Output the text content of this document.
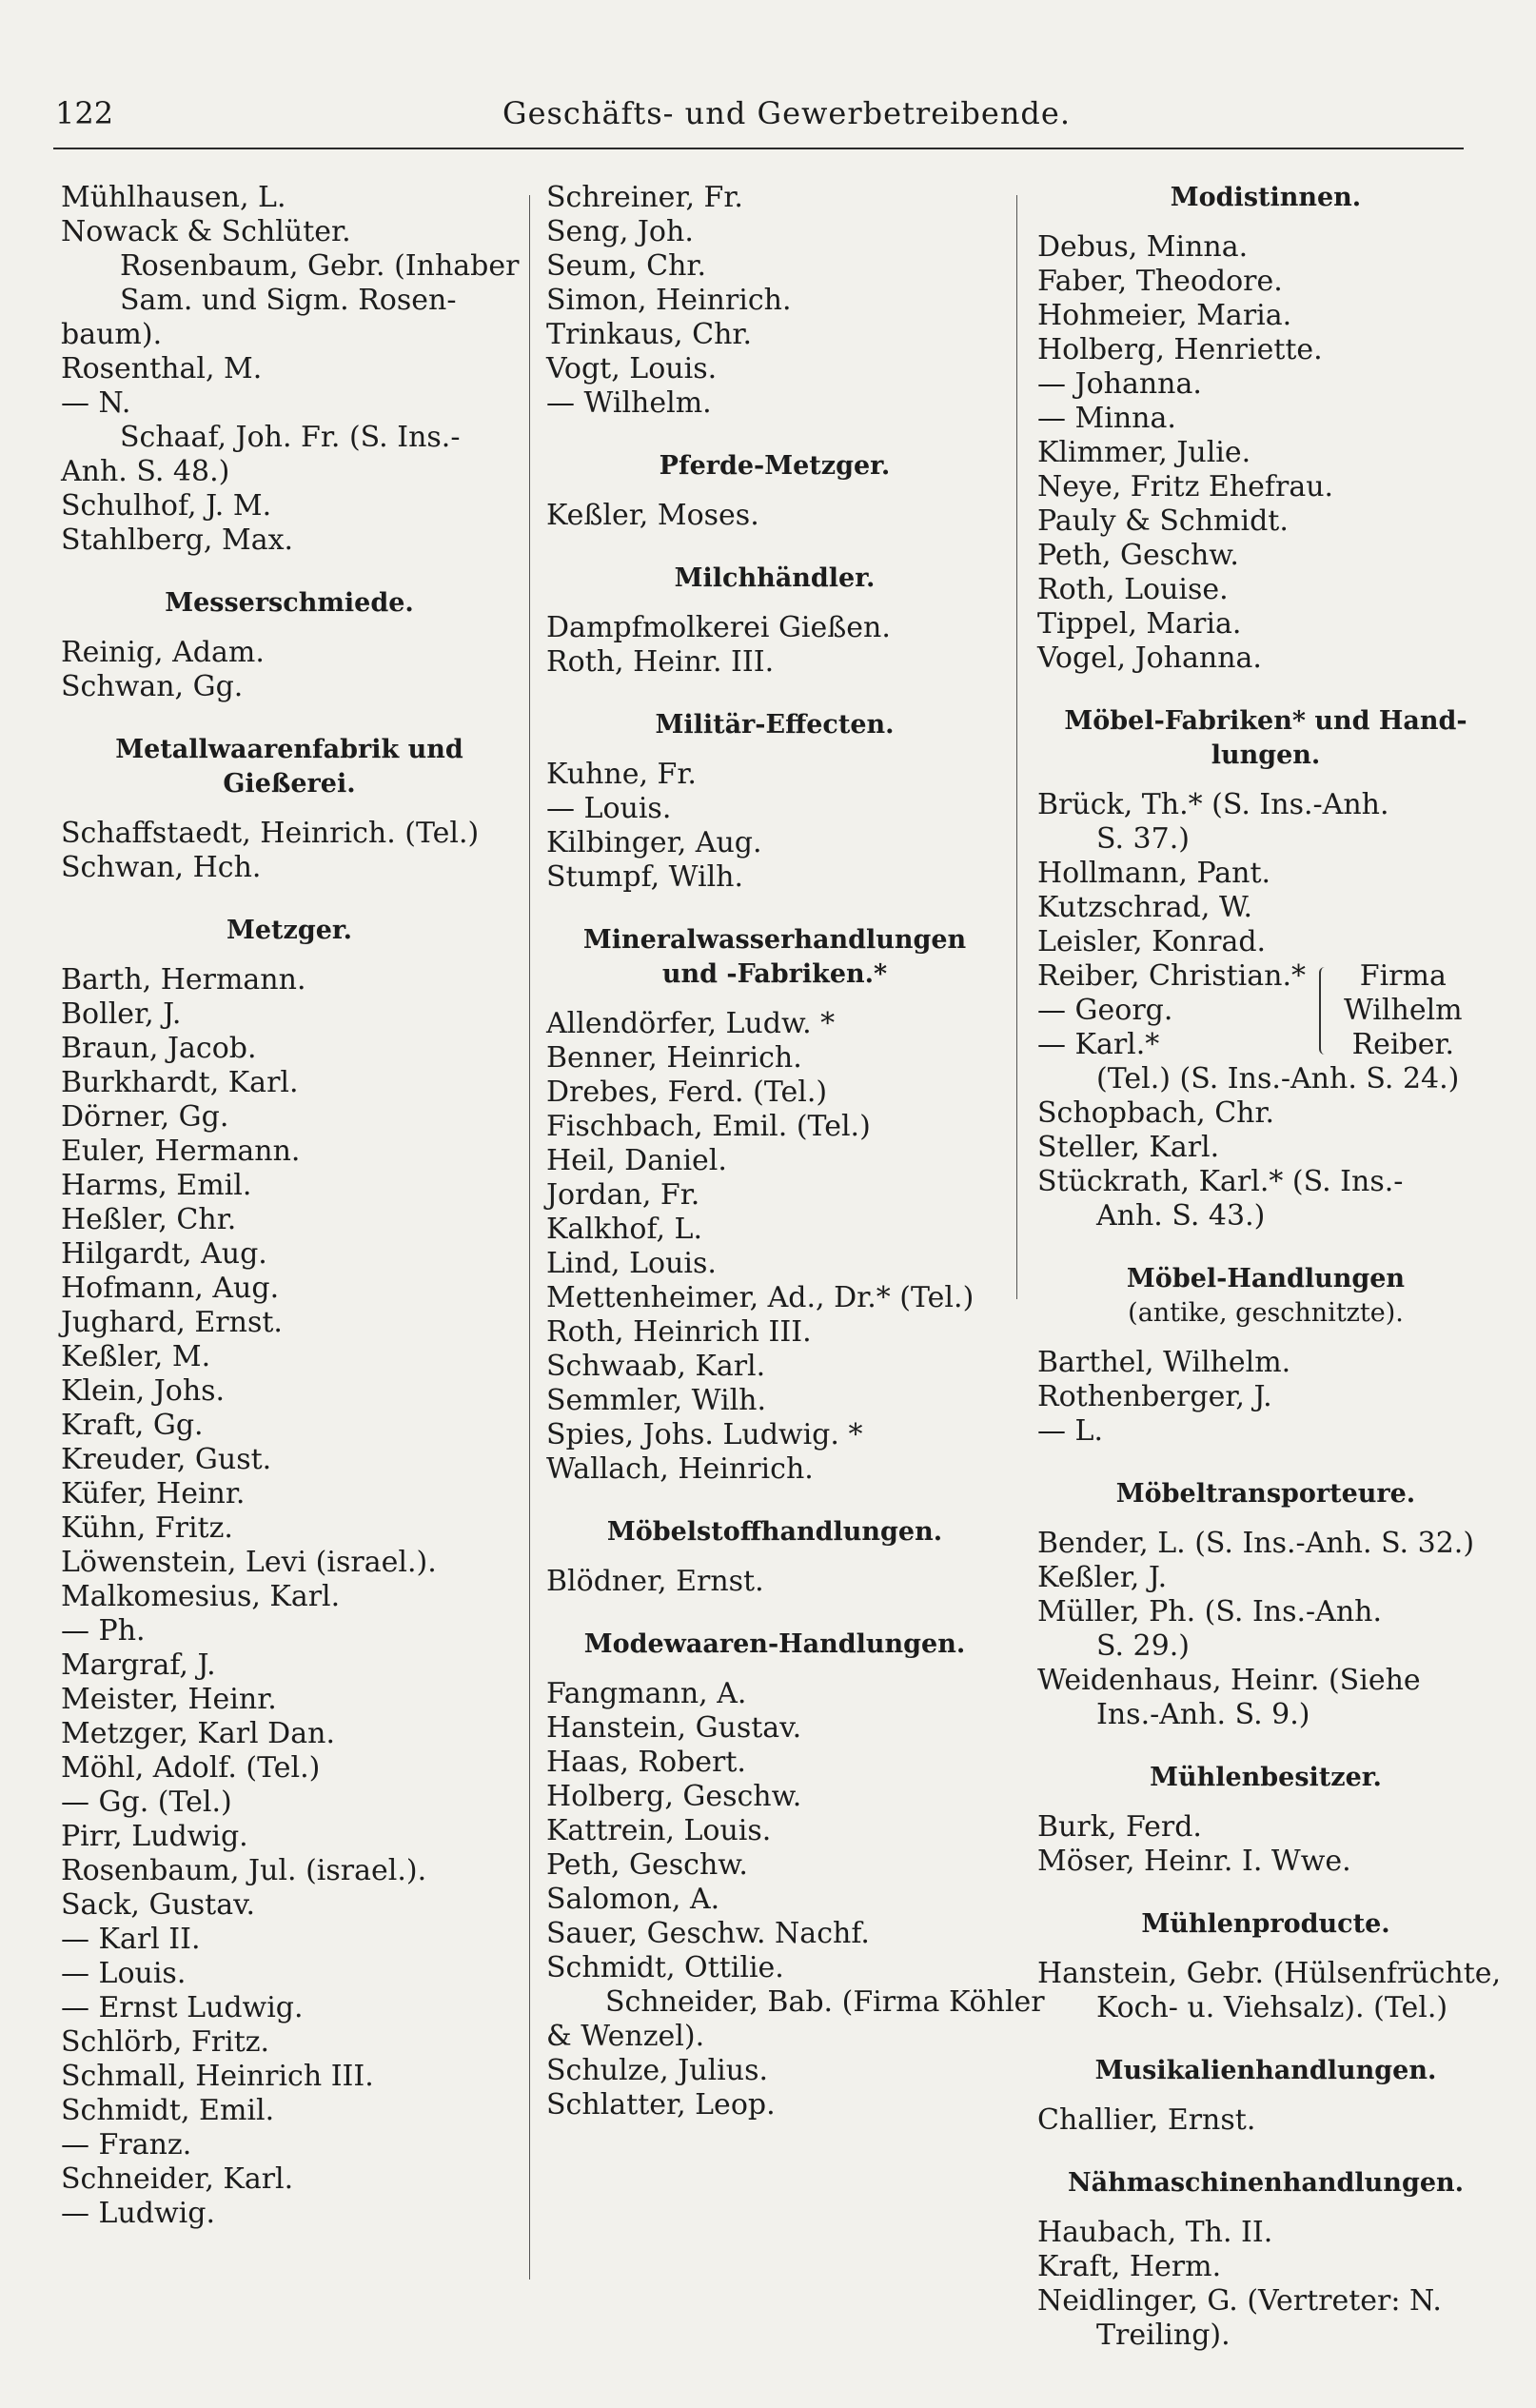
122	Geschäfts- und Gewerbetreibende.
Mühlhausen, L.
Nowack & Schlüter.
Rosenbaum, Gebr. (Inhaber
Sam. und Sigm. Rosen-
baum).
Rosenthal, M.
— N.
Schaaf, Joh. Fr. (S. Ins.-
Anh. S. 48.)
Schulhof, J. M.
Stahlberg, Max.
Messerschmiede.
Reinig, Adam.
Schwan, Gg.
Metallwaarenfabrik und
Gießerei.
Schaffstaedt, Heinrich. (Tel.)
Schwan, Hch.
Metzger.
Barth, Hermann.
Boller, J.
Braun, Jacob.
Burkhardt, Karl.
Dörner, Gg.
Euler, Hermann.
Harms, Emil.
Heßler, Chr.
Hilgardt, Aug.
Hofmann, Aug.
Jughard, Ernst.
Keßler, M.
Klein, Johs.
Kraft, Gg.
Kreuder, Gust.
Küfer, Heinr.
Kühn, Fritz.
Löwenstein, Levi (israel.).
Malkomesius, Karl.
— Ph.
Margraf, J.
Meister, Heinr.
Metzger, Karl Dan.
Möhl, Adolf. (Tel.)
— Gg. (Tel.)
Pirr, Ludwig.
Rosenbaum, Jul. (israel.).
Sack, Gustav.
— Karl II.
— Louis.
— Ernst Ludwig.
Schlörb, Fritz.
Schmall, Heinrich III.
Schmidt, Emil.
— Franz.
Schneider, Karl.
— Ludwig.
Schreiner, Fr.
Seng, Joh.
Seum, Chr.
Simon, Heinrich.
Trinkaus, Chr.
Vogt, Louis.
— Wilhelm.
Pferde-Metzger.
Keßler, Moses.
Milchhändler.
Dampfmolkerei Gießen.
Roth, Heinr. III.
Militär-Effecten.
Kuhne, Fr.
— Louis.
Kilbinger, Aug.
Stumpf, Wilh.
Mineralwasserhandlungen
und -Fabriken.*
Allendörfer, Ludw. *
Benner, Heinrich.
Drebes, Ferd. (Tel.)
Fischbach, Emil. (Tel.)
Heil, Daniel.
Jordan, Fr.
Kalkhof, L.
Lind, Louis.
Mettenheimer, Ad., Dr.* (Tel.)
Roth, Heinrich III.
Schwaab, Karl.
Semmler, Wilh.
Spies, Johs. Ludwig. *
Wallach, Heinrich.
Möbelstoffhandlungen.
Blödner, Ernst.
Modewaaren-Handlungen.
Fangmann, A.
Hanstein, Gustav.
Haas, Robert.
Holberg, Geschw.
Kattrein, Louis.
Peth, Geschw.
Salomon, A.
Sauer, Geschw. Nachf.
Schmidt, Ottilie.
Schneider, Bab. (Firma Köhler
& Wenzel).
Schulze, Julius.
Schlatter, Leop.
Modistinnen.
Debus, Minna.
Faber, Theodore.
Hohmeier, Maria.
Holberg, Henriette.
— Johanna.
— Minna.
Klimmer, Julie.
Neye, Fritz Ehefrau.
Pauly & Schmidt.
Peth, Geschw.
Roth, Louise.
Tippel, Maria.
Vogel, Johanna.
Möbel-Fabriken* und Hand-
lungen.
Brück, Th.* (S. Ins.-Anh.
S. 37.)
Hollmann, Pant.
Kutzschrad, W.
Leisler, Konrad.
Reiber, Christian.*
— Georg.
— Karl.*
Firma
Wilhelm
Reiber.
(Tel.) (S. Ins.-Anh. S. 24.)
Schopbach, Chr.
Steller, Karl.
Stückrath, Karl.* (S. Ins.-
Anh. S. 43.)
Möbel-Handlungen
(antike, geschnitzte).
Barthel, Wilhelm.
Rothenberger, J.
— L.
Möbeltransporteure.
Bender, L. (S. Ins.-Anh. S. 32.)
Keßler, J.
Müller, Ph. (S. Ins.-Anh.
S. 29.)
Weidenhaus, Heinr. (Siehe
Ins.-Anh. S. 9.)
Mühlenbesitzer.
Burk, Ferd.
Möser, Heinr. I. Wwe.
Mühlenproducte.
Hanstein, Gebr. (Hülsenfrüchte,
Koch- u. Viehsalz). (Tel.)
Musikalienhandlungen.
Challier, Ernst.
Nähmaschinenhandlungen.
Haubach, Th. II.
Kraft, Herm.
Neidlinger, G. (Vertreter: N.
Treiling).
